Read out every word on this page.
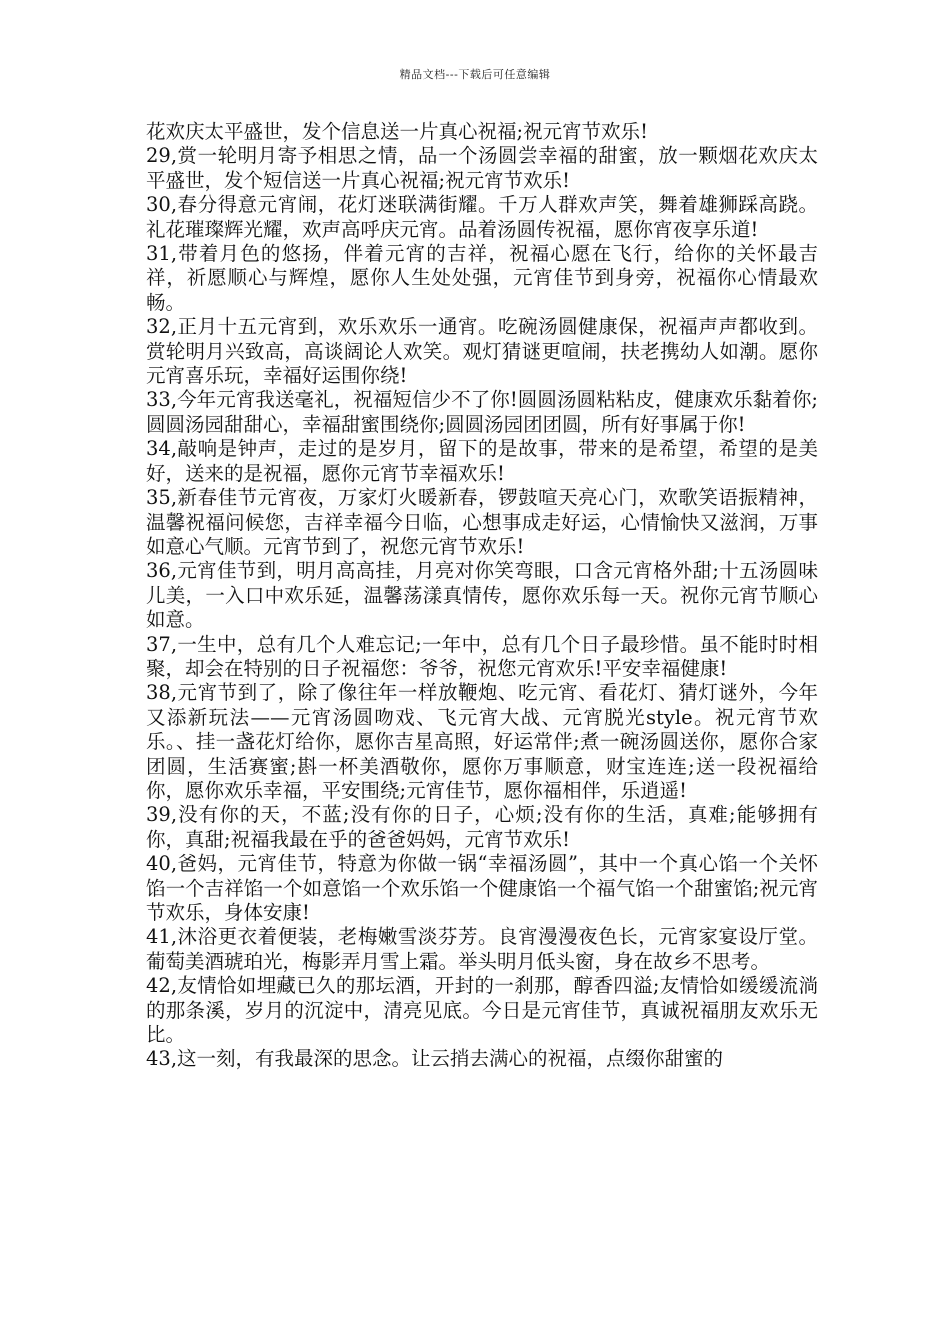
精品文档---下载后可任意编辑

花欢庆太平盛世，发个信息送一片真心祝福;祝元宵节欢乐!

29,赏一轮明月寄予相思之情，品一个汤圆尝幸福的甜蜜，放一颗烟花欢庆太平盛世，发个短信送一片真心祝福;祝元宵节欢乐!

30,春分得意元宵闹，花灯迷联满街耀。千万人群欢声笑，舞着雄狮踩高跷。礼花璀璨辉光耀，欢声高呼庆元宵。品着汤圆传祝福，愿你宵夜享乐道!

31,带着月色的悠扬，伴着元宵的吉祥，祝福心愿在飞行，给你的关怀最吉祥，祈愿顺心与辉煌，愿你人生处处强，元宵佳节到身旁，祝福你心情最欢畅。

32,正月十五元宵到，欢乐欢乐一通宵。吃碗汤圆健康保，祝福声声都收到。赏轮明月兴致高，高谈阔论人欢笑。观灯猜谜更喧闹，扶老携幼人如潮。愿你元宵喜乐玩，幸福好运围你绕!

33,今年元宵我送毫礼，祝福短信少不了你!圆圆汤圆粘粘皮，健康欢乐黏着你;圆圆汤园甜甜心，幸福甜蜜围绕你;圆圆汤园团团圆，所有好事属于你!

34,敲响是钟声，走过的是岁月，留下的是故事，带来的是希望，希望的是美好，送来的是祝福，愿你元宵节幸福欢乐!

35,新春佳节元宵夜，万家灯火暖新春，锣鼓喧天亮心门，欢歌笑语振精神，温馨祝福问候您，吉祥幸福今日临，心想事成走好运，心情愉快又滋润，万事如意心气顺。元宵节到了，祝您元宵节欢乐!

36,元宵佳节到，明月高高挂，月亮对你笑弯眼，口含元宵格外甜;十五汤圆味儿美，一入口中欢乐延，温馨荡漾真情传，愿你欢乐每一天。祝你元宵节顺心如意。

37,一生中，总有几个人难忘记;一年中，总有几个日子最珍惜。虽不能时时相聚，却会在特别的日子祝福您：爷爷，祝您元宵欢乐!平安幸福健康!

38,元宵节到了，除了像往年一样放鞭炮、吃元宵、看花灯、猜灯谜外，今年又添新玩法——元宵汤圆吻戏、飞元宵大战、元宵脱光style。祝元宵节欢乐。、挂一盏花灯给你，愿你吉星高照，好运常伴;煮一碗汤圆送你，愿你合家团圆，生活赛蜜;斟一杯美酒敬你，愿你万事顺意，财宝连连;送一段祝福给你，愿你欢乐幸福，平安围绕;元宵佳节，愿你福相伴，乐逍遥!

39,没有你的天，不蓝;没有你的日子，心烦;没有你的生活，真难;能够拥有你，真甜;祝福我最在乎的爸爸妈妈，元宵节欢乐!

40,爸妈，元宵佳节，特意为你做一锅“幸福汤圆”，其中一个真心馅一个关怀馅一个吉祥馅一个如意馅一个欢乐馅一个健康馅一个福气馅一个甜蜜馅;祝元宵节欢乐，身体安康!

41,沐浴更衣着便装，老梅嫩雪淡芬芳。良宵漫漫夜色长，元宵家宴设厅堂。葡萄美酒琥珀光，梅影弄月雪上霜。举头明月低头窗，身在故乡不思考。

42,友情恰如埋藏已久的那坛酒，开封的一刹那，醇香四溢;友情恰如缓缓流淌的那条溪，岁月的沉淀中，清亮见底。今日是元宵佳节，真诚祝福朋友欢乐无比。

43,这一刻，有我最深的思念。让云捎去满心的祝福，点缀你甜蜜的
